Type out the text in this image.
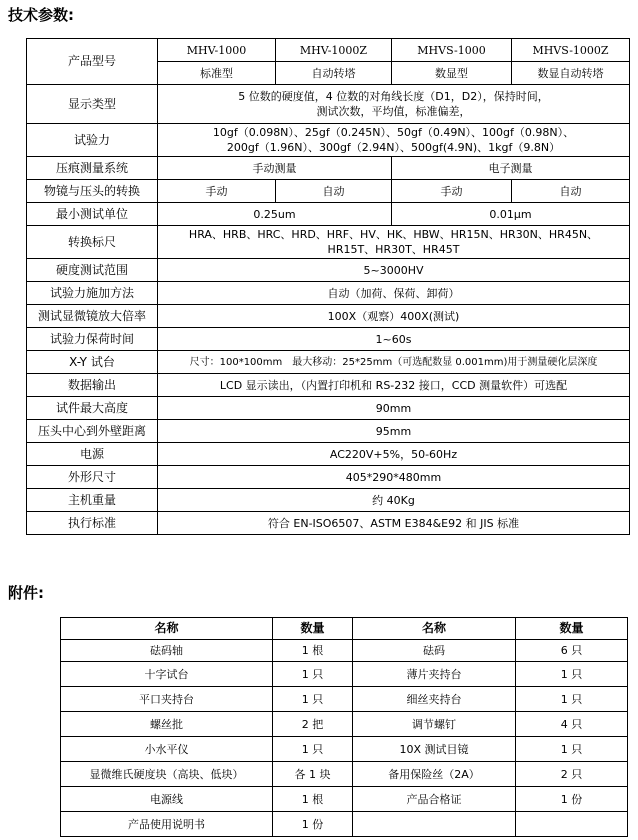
技术参数:
产品型号	MHV-1000	MHV-1000Z	MHVS-1000	MHVS-1000Z
	标准型	自动转塔	数显型	数显自动转塔
显示类型	5 位数的硬度值，4 位数的对角线长度（D1，D2），保持时间，
测试次数，平均值，标准偏差，			

试验力	10gf（0.098N）、25gf（0.245N）、50gf（0.49N）、100gf（0.98N）、
200gf（1.96N）、300gf（2.94N）、500gf(4.9N)、1kgf（9.8N）			

压痕测量系统	手动测量		电子测量	
物镜与压头的转换	手动	自动	手动	自动
最小测试单位	0.25um		0.01μm	
转换标尺	HRA、HRB、HRC、HRD、HRF、HV、HK、HBW、HR15N、HR30N、HR45N、
HR15T、HR30T、HR45T			

硬度测试范围	5~3000HV			
试验力施加方法	自动（加荷、保荷、卸荷）			
测试显微镜放大倍率	100X（观察）400X(测试)			
试验力保荷时间	1~60s			
X-Y 试台	尺寸：100*100mm　最大移动：25*25mm（可选配数显 0.001mm)用于测量硬化层深度			
数据输出	LCD 显示读出，（内置打印机和 RS-232 接口，CCD 测量软件）可选配			
试件最大高度	90mm			
压头中心到外壁距离	95mm			
电源	AC220V+5%，50-60Hz			
外形尺寸	405*290*480mm			
主机重量	约 40Kg			
执行标准	符合 EN-ISO6507、ASTM E384&E92 和 JIS 标准			
附件:
名称	数量	名称	数量
砝码轴	1 根	砝码	6 只
十字试台	1 只	薄片夹持台	1 只
平口夹持台	1 只	细丝夹持台	1 只
螺丝批	2 把	调节螺钉	4 只
小水平仪	1 只	10X 测试目镜	1 只
显微维氏硬度块（高块、低块）	各 1 块	备用保险丝（2A）	2 只
电源线	1 根	产品合格证	1 份
产品使用说明书	1 份		
